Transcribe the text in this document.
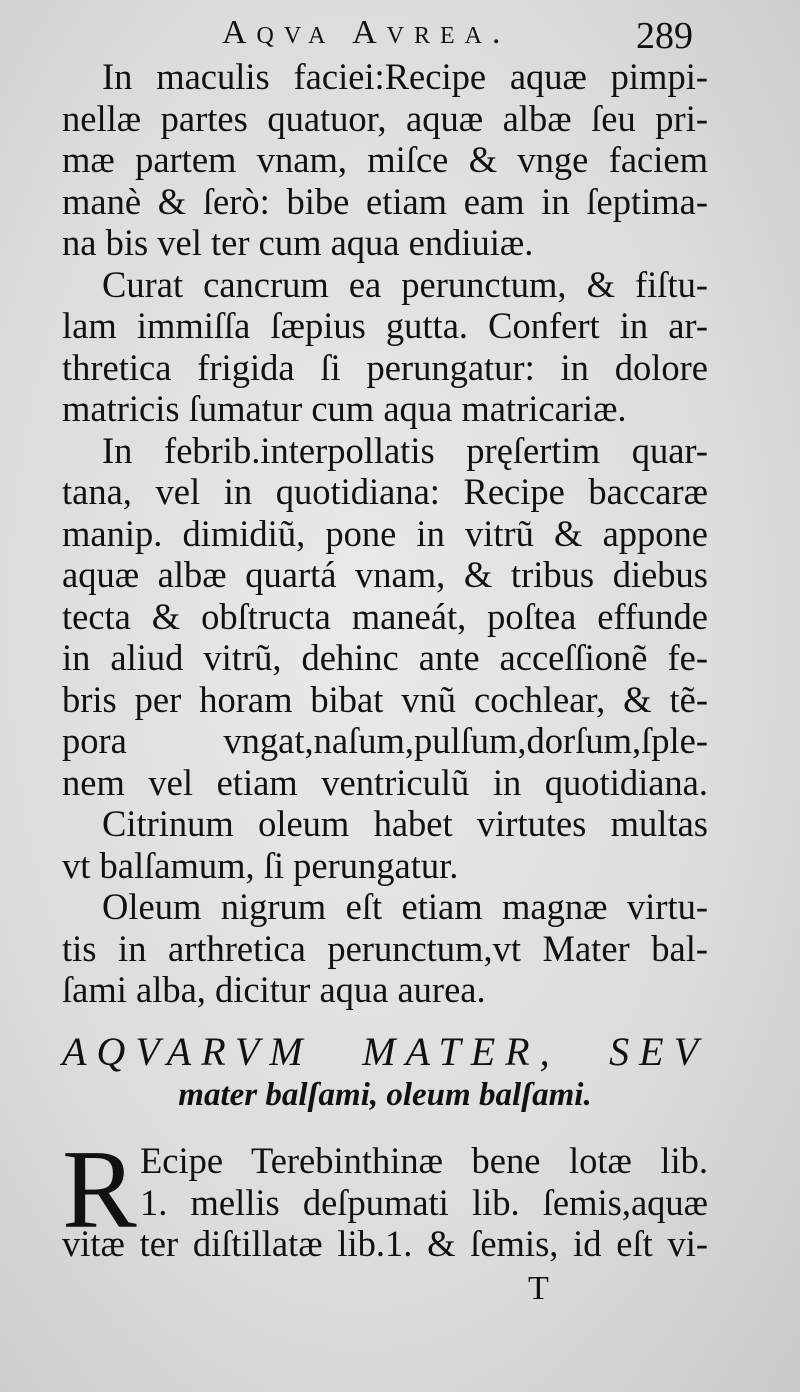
Aqva Avrea.	289
In maculis faciei:Recipe aquæ pimpi-
nellæ partes quatuor, aquæ albæ ſeu pri-
mæ partem vnam, miſce & vnge faciem
manè & ſerò: bibe etiam eam in ſeptima-
na bis vel ter cum aqua endiuiæ.
Curat cancrum ea perunctum, & fiſtu-
lam immiſſa ſæpius gutta. Confert in ar-
thretica frigida ſi perungatur: in dolore
matricis ſumatur cum aqua matricariæ.
In febrib.interpollatis pręſertim quar-
tana, vel in quotidiana: Recipe baccaræ
manip. dimidiũ, pone in vitrũ & appone
aquæ albæ quartá vnam, & tribus diebus
tecta & obſtructa maneát, poſtea effunde
in aliud vitrũ, dehinc ante acceſſionẽ fe-
bris per horam bibat vnũ cochlear, & tẽ-
pora vngat,naſum,pulſum,dorſum,ſple-
nem vel etiam ventriculũ in quotidiana.
Citrinum oleum habet virtutes multas
vt balſamum, ſi perungatur.
Oleum nigrum eſt etiam magnæ virtu-
tis in arthretica perunctum,vt Mater bal-
ſami alba, dicitur aqua aurea.
AQVARVM MATER, SEV
mater balſami, oleum balſami.
R Ecipe Terebinthinæ bene lotæ lib.
1. mellis deſpumati lib. ſemis,aquæ
vitæ ter diſtillatæ lib.1. & ſemis, id eſt vi-
T
